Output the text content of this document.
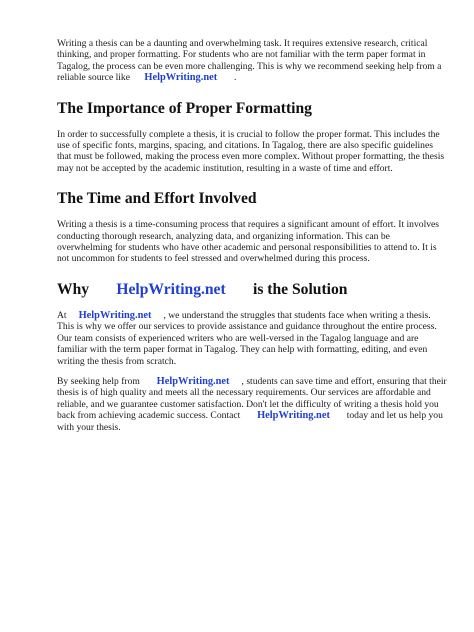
Writing a thesis can be a daunting and overwhelming task. It requires extensive research, critical
thinking, and proper formatting. For students who are not familiar with the term paper format in
Tagalog, the process can be even more challenging. This is why we recommend seeking help from a
reliable source like HelpWriting.net .

The Importance of Proper Formatting

In order to successfully complete a thesis, it is crucial to follow the proper format. This includes the
use of specific fonts, margins, spacing, and citations. In Tagalog, there are also specific guidelines
that must be followed, making the process even more complex. Without proper formatting, the thesis
may not be accepted by the academic institution, resulting in a waste of time and effort.

The Time and Effort Involved

Writing a thesis is a time-consuming process that requires a significant amount of effort. It involves
conducting thorough research, analyzing data, and organizing information. This can be
overwhelming for students who have other academic and personal responsibilities to attend to. It is
not uncommon for students to feel stressed and overwhelmed during this process.

Why HelpWriting.net is the Solution

At HelpWriting.net , we understand the struggles that students face when writing a thesis.
This is why we offer our services to provide assistance and guidance throughout the entire process.
Our team consists of experienced writers who are well-versed in the Tagalog language and are
familiar with the term paper format in Tagalog. They can help with formatting, editing, and even
writing the thesis from scratch.

By seeking help from HelpWriting.net , students can save time and effort, ensuring that their
thesis is of high quality and meets all the necessary requirements. Our services are affordable and
reliable, and we guarantee customer satisfaction. Don't let the difficulty of writing a thesis hold you
back from achieving academic success. Contact HelpWriting.net today and let us help you
with your thesis.
